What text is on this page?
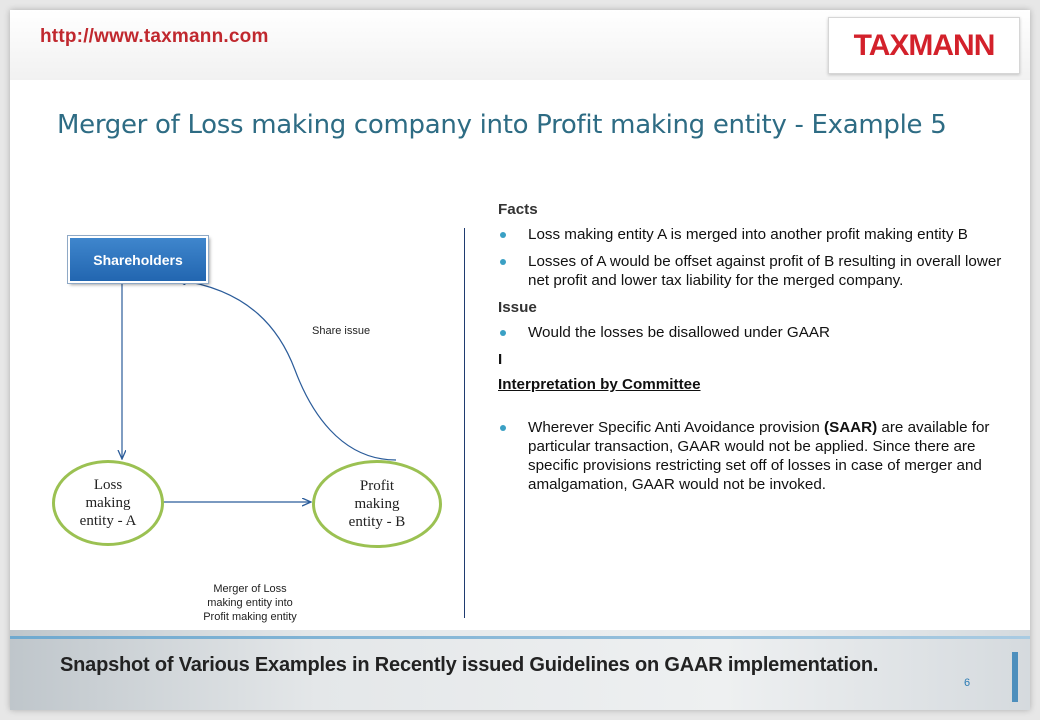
http://www.taxmann.com	TAXMANN
Merger of Loss making company into Profit making entity - Example 5
Shareholders
Loss
making
entity - A
Profit
making
entity - B
Share issue
Merger of Loss
making entity into
Profit making entity

Facts

Loss making entity A is merged into another profit making entity B
Losses of A would be offset against profit of B resulting in overall lower net profit and lower tax liability for the merged company.

Issue

Would the losses be disallowed under GAAR

I

Interpretation by Committee

Wherever Specific Anti Avoidance provision (SAAR) are available for particular transaction, GAAR would not be applied. Since there are specific provisions restricting set off of losses in case of merger and amalgamation, GAAR would not be invoked.
Snapshot of Various Examples in Recently issued Guidelines on GAAR implementation.
6
